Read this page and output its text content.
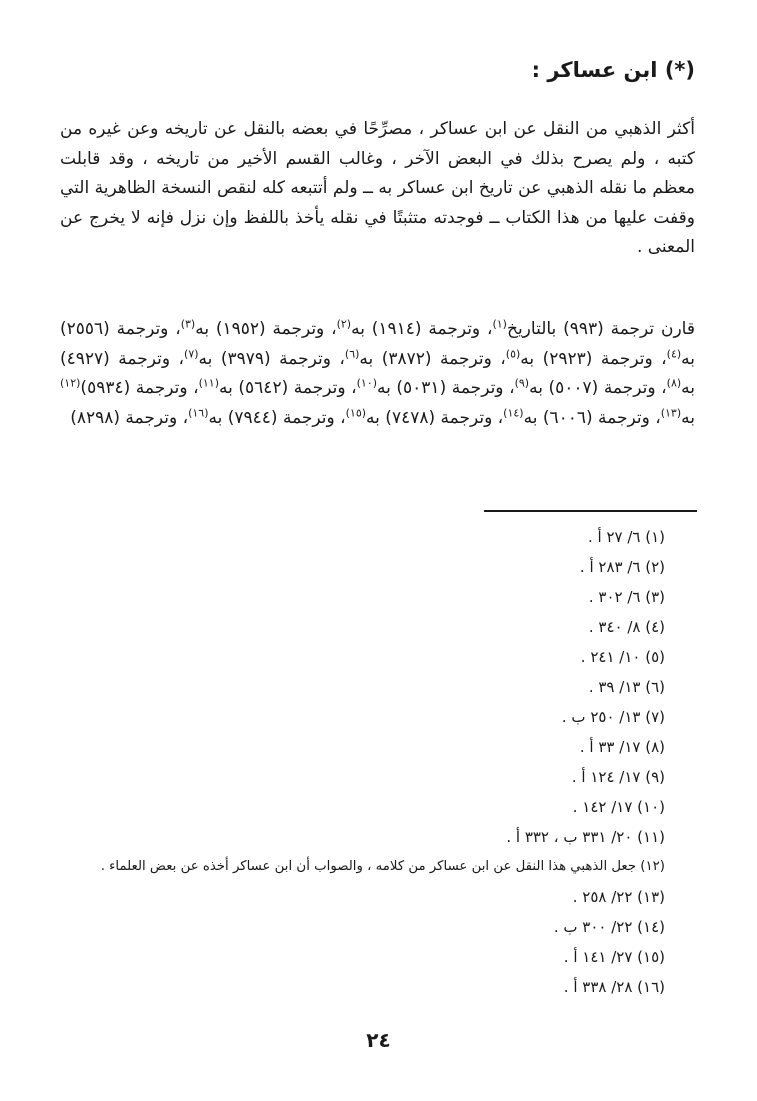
(*) ابن عساكر :

أكثر الذهبي من النقل عن ابن عساكر ، مصرِّحًا في بعضه بالنقل عن تاريخه وعن غيره من كتبه ، ولم يصرح بذلك في البعض الآخر ، وغالب القسم الأخير من تاريخه ، وقد قابلت معظم ما نقله الذهبي عن تاريخ ابن عساكر به ــ ولم أتتبعه كله لنقص النسخة الظاهرية التي وقفت عليها من هذا الكتاب ــ فوجدته متثبتًا في نقله يأخذ باللفظ وإن نزل فإنه لا يخرج عن المعنى .

قارن ترجمة (٩٩٣) بالتاريخ$^{(١)}$، وترجمة (١٩١٤) به$^{(٢)}$، وترجمة (١٩٥٢) به$^{(٣)}$، وترجمة (٢٥٥٦) به$^{(٤)}$، وترجمة (٢٩٢٣) به$^{(٥)}$، وترجمة (٣٨٧٢) به$^{(٦)}$، وترجمة (٣٩٧٩) به$^{(٧)}$، وترجمة (٤٩٢٧) به$^{(٨)}$، وترجمة (٥٠٠٧) به$^{(٩)}$، وترجمة (٥٠٣١) به$^{(١٠)}$، وترجمة (٥٦٤٢) به$^{(١١)}$، وترجمة (٥٩٣٤)$^{(١٢)}$ به$^{(١٣)}$، وترجمة (٦٠٠٦) به$^{(١٤)}$، وترجمة (٧٤٧٨) به$^{(١٥)}$، وترجمة (٧٩٤٤) به$^{(١٦)}$، وترجمة (٨٢٩٨)

(١) ٦/ ٢٧ أ .
(٢) ٦/ ٢٨٣ أ .
(٣) ٦/ ٣٠٢ .
(٤) ٨/ ٣٤٠ .
(٥) ١٠/ ٢٤١ .
(٦) ١٣/ ٣٩ .
(٧) ١٣/ ٢٥٠ ب .
(٨) ١٧/ ٣٣ أ .
(٩) ١٧/ ١٢٤ أ .
(١٠) ١٧/ ١٤٢ .
(١١) ٢٠/ ٣٣١ ب ، ٣٣٢ أ .
(١٢) جعل الذهبي هذا النقل عن ابن عساكر من كلامه ، والصواب أن ابن عساكر أخذه عن بعض العلماء .
(١٣) ٢٢/ ٢٥٨ .
(١٤) ٢٢/ ٣٠٠ ب .
(١٥) ٢٧/ ١٤١ أ .
(١٦) ٢٨/ ٣٣٨ أ .
٢٤
